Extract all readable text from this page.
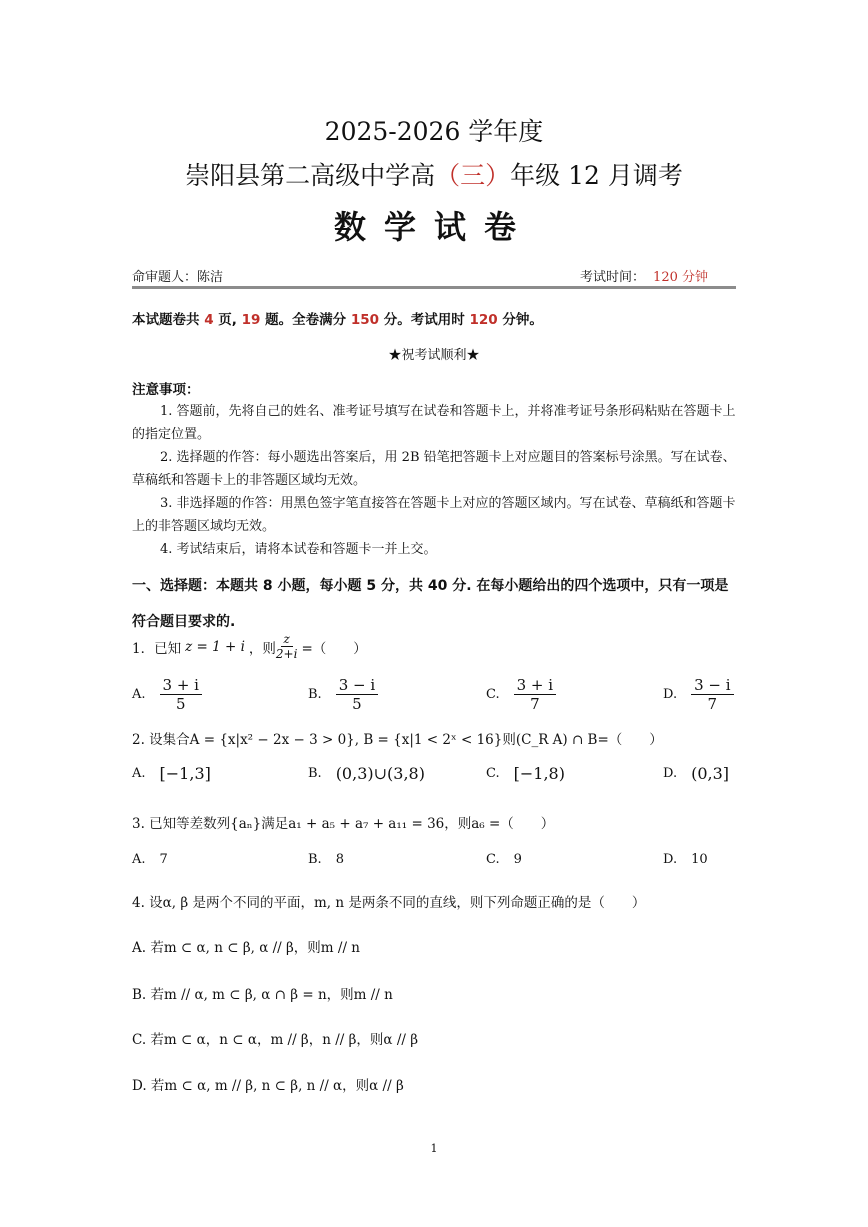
2025-2026 学年度
崇阳县第二高级中学高（三）年级 12 月调考
数学试卷
命审题人：陈洁	考试时间： 120 分钟
本试题卷共 4 页, 19 题。全卷满分 150 分。考试用时 120 分钟。
★祝考试顺利★
注意事项：

1. 答题前，先将自己的姓名、准考证号填写在试卷和答题卡上，并将准考证号条形码粘贴在答题卡上的指定位置。

2. 选择题的作答：每小题选出答案后，用 2B 铅笔把答题卡上对应题目的答案标号涂黑。写在试卷、草稿纸和答题卡上的非答题区域均无效。

3. 非选择题的作答：用黑色签字笔直接答在答题卡上对应的答题区域内。写在试卷、草稿纸和答题卡上的非答题区域均无效。

4. 考试结束后，请将本试卷和答题卡一并上交。

一、选择题：本题共 8 小题，每小题 5 分，共 40 分. 在每小题给出的四个选项中，只有一项是符合题目要求的.
1．已知 z = 1 + i ，则 $\frac{z}{2+i}$ =（　　）
A. $\frac{3 + i}{5}$	B. $\frac{3 - i}{5}$	C. $\frac{3 + i}{7}$	D. $\frac{3 - i}{7}$
2. 设集合A = {x|x² − 2x − 3 > 0}, B = {x|1 < 2ˣ < 16}则(C_R A) ∩ B=（　　）
A. [−1,3]	B. (0,3)∪(3,8)	C. [−1,8)	D. (0,3]
3. 已知等差数列{aₙ}满足a₁ + a₅ + a₇ + a₁₁ = 36，则a₆ =（　　）
A. 7	B. 8	C. 9	D. 10
4. 设α, β 是两个不同的平面，m, n 是两条不同的直线，则下列命题正确的是（　　）
A. 若m ⊂ α, n ⊂ β, α // β，则m // n
B. 若m // α, m ⊂ β, α ∩ β = n，则m // n
C. 若m ⊂ α，n ⊂ α，m // β，n // β，则α // β
D. 若m ⊂ α, m // β, n ⊂ β, n // α，则α // β
1
